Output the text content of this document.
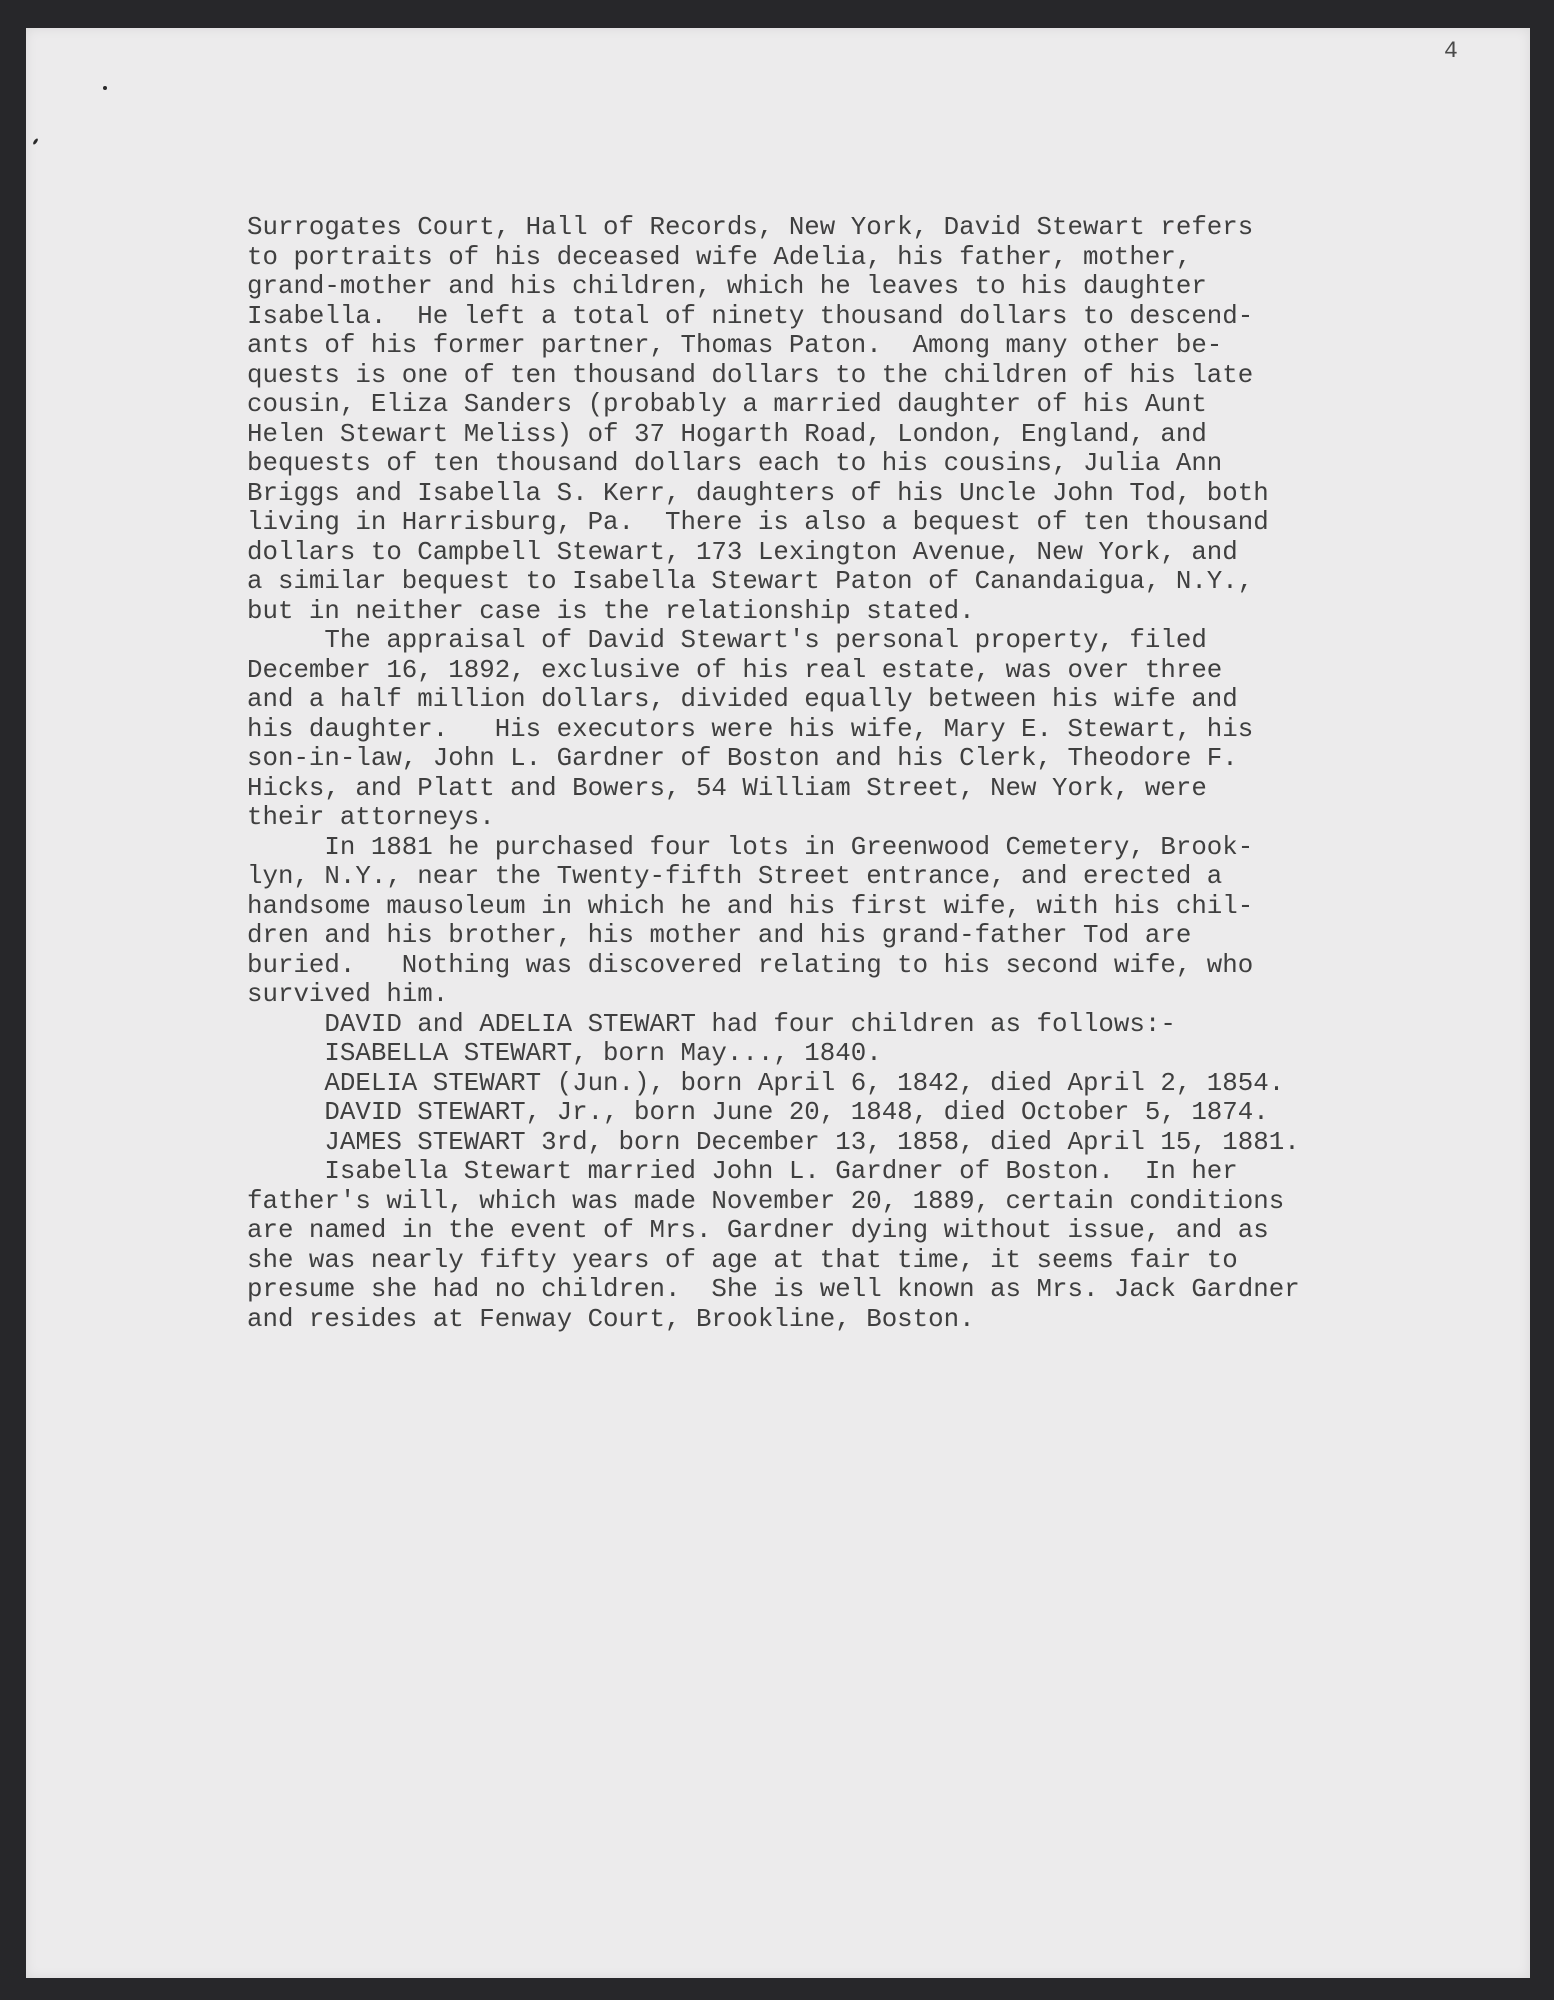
4
Surrogates Court, Hall of Records, New York, David Stewart refers
to portraits of his deceased wife Adelia, his father, mother,
grand-mother and his children, which he leaves to his daughter
Isabella.  He left a total of ninety thousand dollars to descend-
ants of his former partner, Thomas Paton.  Among many other be-
quests is one of ten thousand dollars to the children of his late
cousin, Eliza Sanders (probably a married daughter of his Aunt
Helen Stewart Meliss) of 37 Hogarth Road, London, England, and
bequests of ten thousand dollars each to his cousins, Julia Ann
Briggs and Isabella S. Kerr, daughters of his Uncle John Tod, both
living in Harrisburg, Pa.  There is also a bequest of ten thousand
dollars to Campbell Stewart, 173 Lexington Avenue, New York, and
a similar bequest to Isabella Stewart Paton of Canandaigua, N.Y.,
but in neither case is the relationship stated.
The appraisal of David Stewart's personal property, filed
December 16, 1892, exclusive of his real estate, was over three
and a half million dollars, divided equally between his wife and
his daughter.   His executors were his wife, Mary E. Stewart, his
son-in-law, John L. Gardner of Boston and his Clerk, Theodore F.
Hicks, and Platt and Bowers, 54 William Street, New York, were
their attorneys.
In 1881 he purchased four lots in Greenwood Cemetery, Brook-
lyn, N.Y., near the Twenty-fifth Street entrance, and erected a
handsome mausoleum in which he and his first wife, with his chil-
dren and his brother, his mother and his grand-father Tod are
buried.   Nothing was discovered relating to his second wife, who
survived him.
DAVID and ADELIA STEWART had four children as follows:-
ISABELLA STEWART, born May..., 1840.
ADELIA STEWART (Jun.), born April 6, 1842, died April 2, 1854.
DAVID STEWART, Jr., born June 20, 1848, died October 5, 1874.
JAMES STEWART 3rd, born December 13, 1858, died April 15, 1881.
Isabella Stewart married John L. Gardner of Boston.  In her
father's will, which was made November 20, 1889, certain conditions
are named in the event of Mrs. Gardner dying without issue, and as
she was nearly fifty years of age at that time, it seems fair to
presume she had no children.  She is well known as Mrs. Jack Gardner
and resides at Fenway Court, Brookline, Boston.
